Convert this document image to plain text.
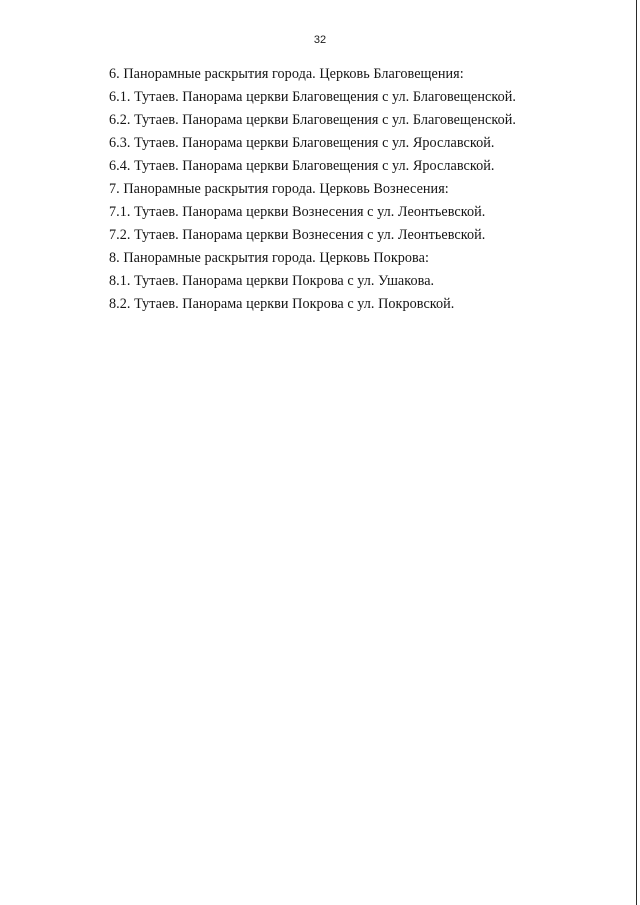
32
6. Панорамные раскрытия города. Церковь Благовещения:
6.1. Тутаев. Панорама церкви Благовещения с ул. Благовещенской.
6.2. Тутаев. Панорама церкви Благовещения с ул. Благовещенской.
6.3. Тутаев. Панорама церкви Благовещения с ул. Ярославской.
6.4. Тутаев. Панорама церкви Благовещения с ул. Ярославской.
7. Панорамные раскрытия города. Церковь Вознесения:
7.1. Тутаев. Панорама церкви Вознесения с ул. Леонтьевской.
7.2. Тутаев. Панорама церкви Вознесения с ул. Леонтьевской.
8. Панорамные раскрытия города. Церковь Покрова:
8.1. Тутаев. Панорама церкви Покрова с ул. Ушакова.
8.2. Тутаев. Панорама церкви Покрова с ул. Покровской.
